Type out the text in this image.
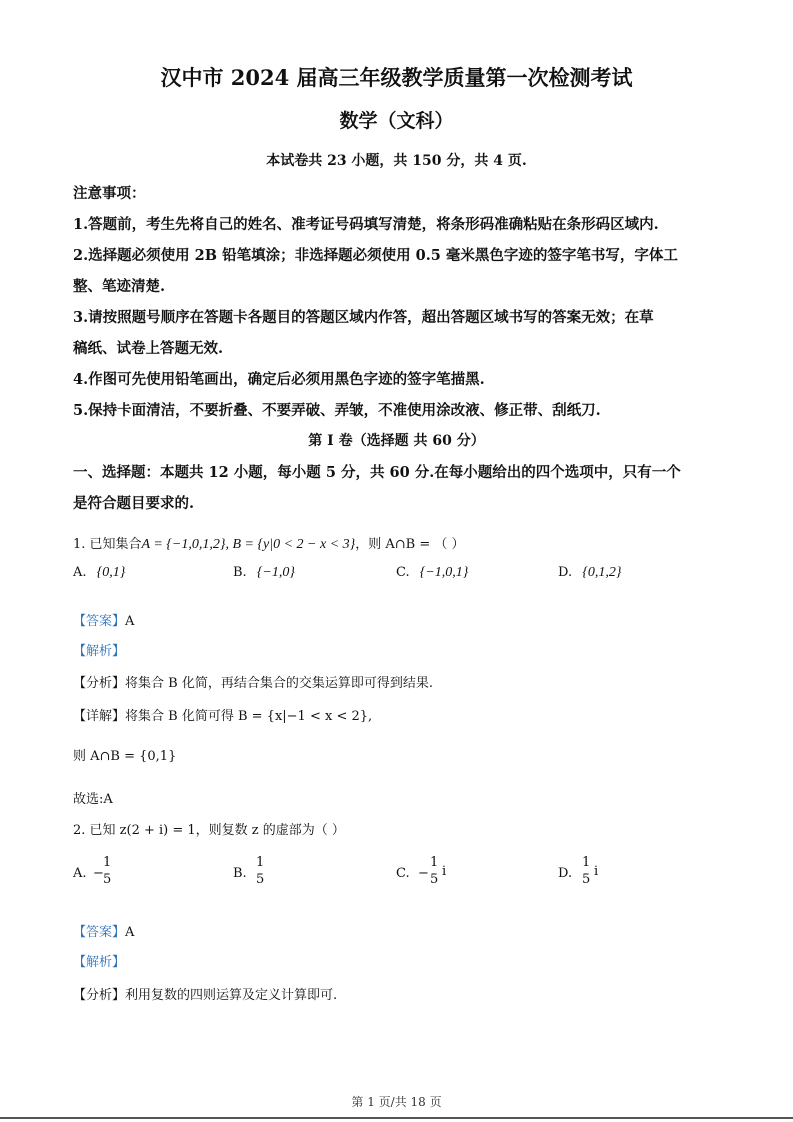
汉中市 2024 届高三年级教学质量第一次检测考试
数学（文科）
本试卷共 23 小题，共 150 分，共 4 页.
注意事项：
1.答题前，考生先将自己的姓名、准考证号码填写清楚，将条形码准确粘贴在条形码区域内.
2.选择题必须使用 2B 铅笔填涂；非选择题必须使用 0.5 毫米黑色字迹的签字笔书写，字体工
整、笔迹清楚.
3.请按照题号顺序在答题卡各题目的答题区域内作答，超出答题区域书写的答案无效；在草
稿纸、试卷上答题无效.
4.作图可先使用铅笔画出，确定后必须用黑色字迹的签字笔描黑.
5.保持卡面清洁，不要折叠、不要弄破、弄皱，不准使用涂改液、修正带、刮纸刀.
第 I 卷（选择题 共 60 分）
一、选择题：本题共 12 小题，每小题 5 分，共 60 分.在每小题给出的四个选项中，只有一个
是符合题目要求的.
1. 已知集合A = {−1,0,1,2}, B = {y|0 < 2 − x < 3}，则 A∩B = （ ）
A. {0,1}	B. {−1,0}	C. {−1,0,1}	D. {0,1,2}
【答案】A
【解析】
【分析】将集合 B 化简，再结合集合的交集运算即可得到结果.
【详解】将集合 B 化简可得 B = {x|−1 < x < 2},
则 A∩B = {0,1}
故选:A
2. 已知 z(2 + i) = 1，则复数 z 的虚部为（ ）
A. −
1
5	B.
1
5	C. −
1
5
i	D.
1
5
i
【答案】A
【解析】
【分析】利用复数的四则运算及定义计算即可.
第 1 页/共 18 页
